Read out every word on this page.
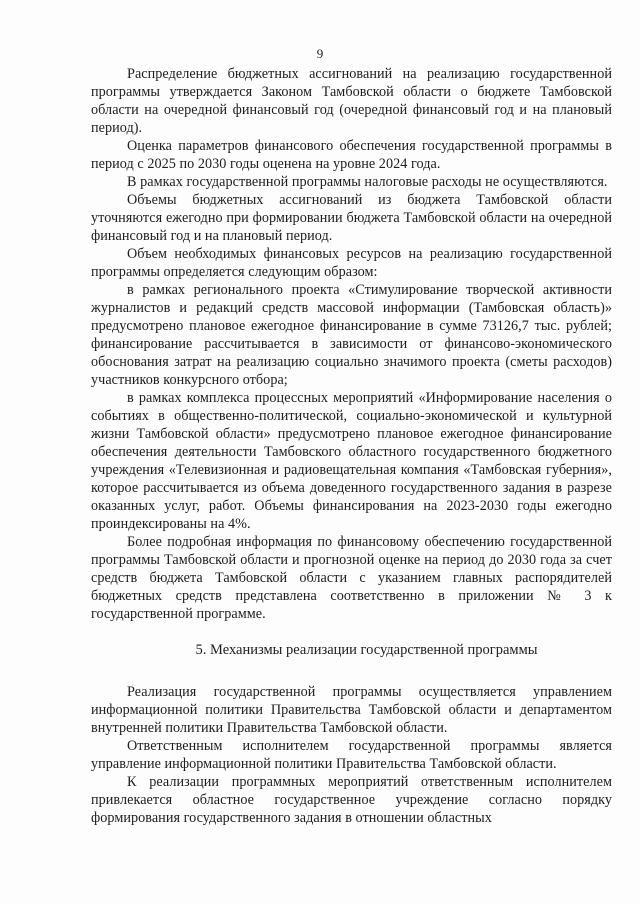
9

Распределение бюджетных ассигнований на реализацию государственной программы утверждается Законом Тамбовской области о бюджете Тамбовской области на очередной финансовый год (очередной финансовый год и на плановый период).

Оценка параметров финансового обеспечения государственной программы в период с 2025 по 2030 годы оценена на уровне 2024 года.

В рамках государственной программы налоговые расходы не осуществляются.

Объемы бюджетных ассигнований из бюджета Тамбовской области уточняются ежегодно при формировании бюджета Тамбовской области на очередной финансовый год и на плановый период.

Объем необходимых финансовых ресурсов на реализацию государственной программы определяется следующим образом:

в рамках регионального проекта «Стимулирование творческой активности журналистов и редакций средств массовой информации (Тамбовская область)» предусмотрено плановое ежегодное финансирование в сумме 73126,7 тыс. рублей; финансирование рассчитывается в зависимости от финансово-экономического обоснования затрат на реализацию социально значимого проекта (сметы расходов) участников конкурсного отбора;

в рамках комплекса процессных мероприятий «Информирование населения о событиях в общественно-политической, социально-экономической и культурной жизни Тамбовской области» предусмотрено плановое ежегодное финансирование обеспечения деятельности Тамбовского областного государственного бюджетного учреждения «Телевизионная и радиовещательная компания «Тамбовская губерния», которое рассчитывается из объема доведенного государственного задания в разрезе оказанных услуг, работ. Объемы финансирования на 2023-2030 годы ежегодно проиндексированы на 4%.

Более подробная информация по финансовому обеспечению государственной программы Тамбовской области и прогнозной оценке на период до 2030 года за счет средств бюджета Тамбовской области с указанием главных распорядителей бюджетных средств представлена соответственно в приложении № 3 к государственной программе.

5. Механизмы реализации государственной программы

Реализация государственной программы осуществляется управлением информационной политики Правительства Тамбовской области и департаментом внутренней политики Правительства Тамбовской области.

Ответственным исполнителем государственной программы является управление информационной политики Правительства Тамбовской области.

К реализации программных мероприятий ответственным исполнителем привлекается областное государственное учреждение согласно порядку формирования государственного задания в отношении областных
